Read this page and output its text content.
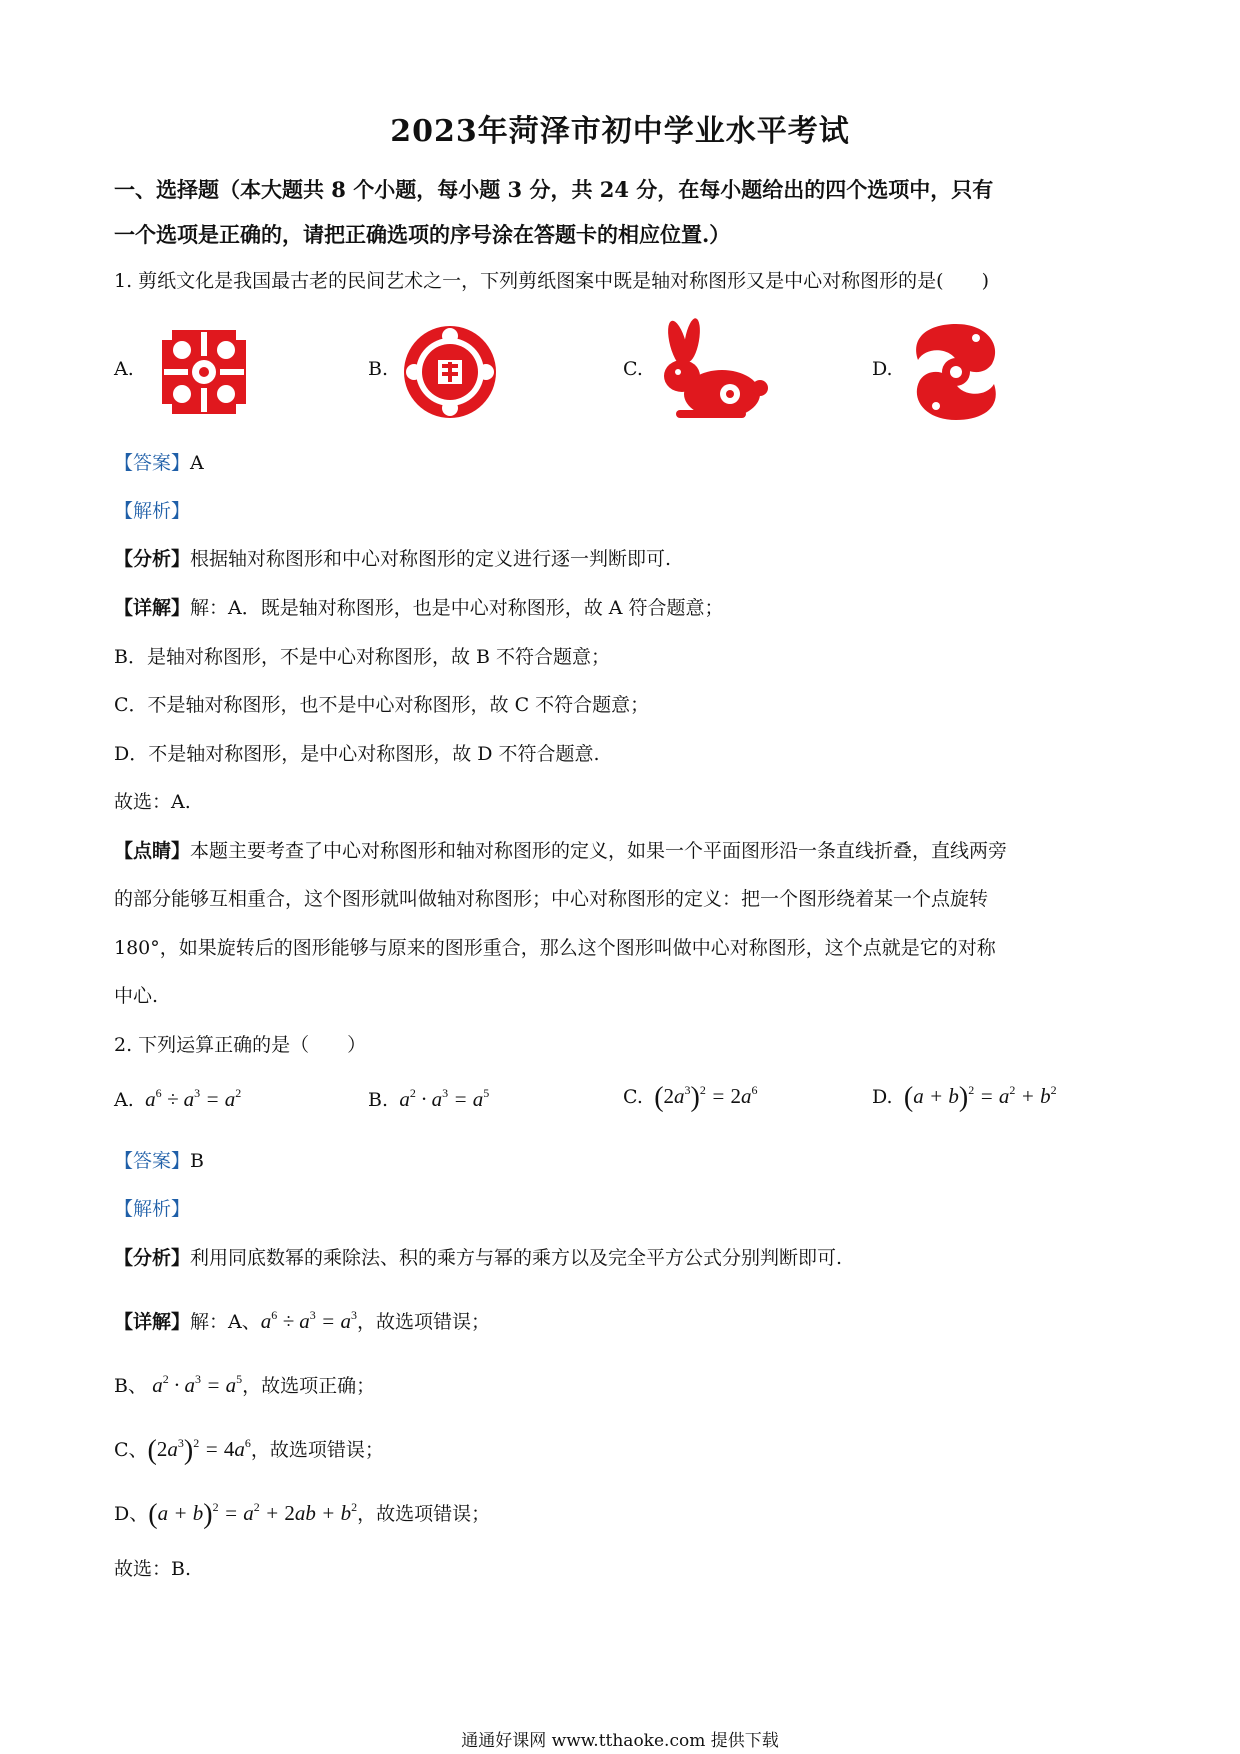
2023年菏泽市初中学业水平考试
一、选择题（本大题共 8 个小题，每小题 3 分，共 24 分，在每小题给出的四个选项中，只有
一个选项是正确的，请把正确选项的序号涂在答题卡的相应位置.）
1. 剪纸文化是我国最古老的民间艺术之一，下列剪纸图案中既是轴对称图形又是中心对称图形的是(　　)
A.	B.	C.	D.
【答案】A
【解析】
【分析】根据轴对称图形和中心对称图形的定义进行逐一判断即可.
【详解】解：A．既是轴对称图形，也是中心对称图形，故 A 符合题意；
B．是轴对称图形，不是中心对称图形，故 B 不符合题意；
C．不是轴对称图形，也不是中心对称图形，故 C 不符合题意；
D．不是轴对称图形，是中心对称图形，故 D 不符合题意.
故选：A.
【点睛】本题主要考查了中心对称图形和轴对称图形的定义，如果一个平面图形沿一条直线折叠，直线两旁
的部分能够互相重合，这个图形就叫做轴对称图形；中心对称图形的定义：把一个图形绕着某一个点旋转
180°，如果旋转后的图形能够与原来的图形重合，那么这个图形叫做中心对称图形，这个点就是它的对称
中心.
2. 下列运算正确的是（　　）
A.  $a^6 \div a^3 = a^2$	B.  $a^2 \cdot a^3 = a^5$	C. $(2a^3)^2 = 2a^6$	D. $(a + b)^2 = a^2 + b^2$
【答案】B
【解析】
【分析】利用同底数幂的乘除法、积的乘方与幂的乘方以及完全平方公式分别判断即可.
【详解】解：A、$a^6 \div a^3 = a^3$，故选项错误；
B、 $a^2 \cdot a^3 = a^5$，故选项正确；
C、$(2a^3)^2 = 4a^6$，故选项错误；
D、$(a + b)^2 = a^2 + 2ab + b^2$，故选项错误；
故选：B.
通通好课网 www.tthaoke.com 提供下载
